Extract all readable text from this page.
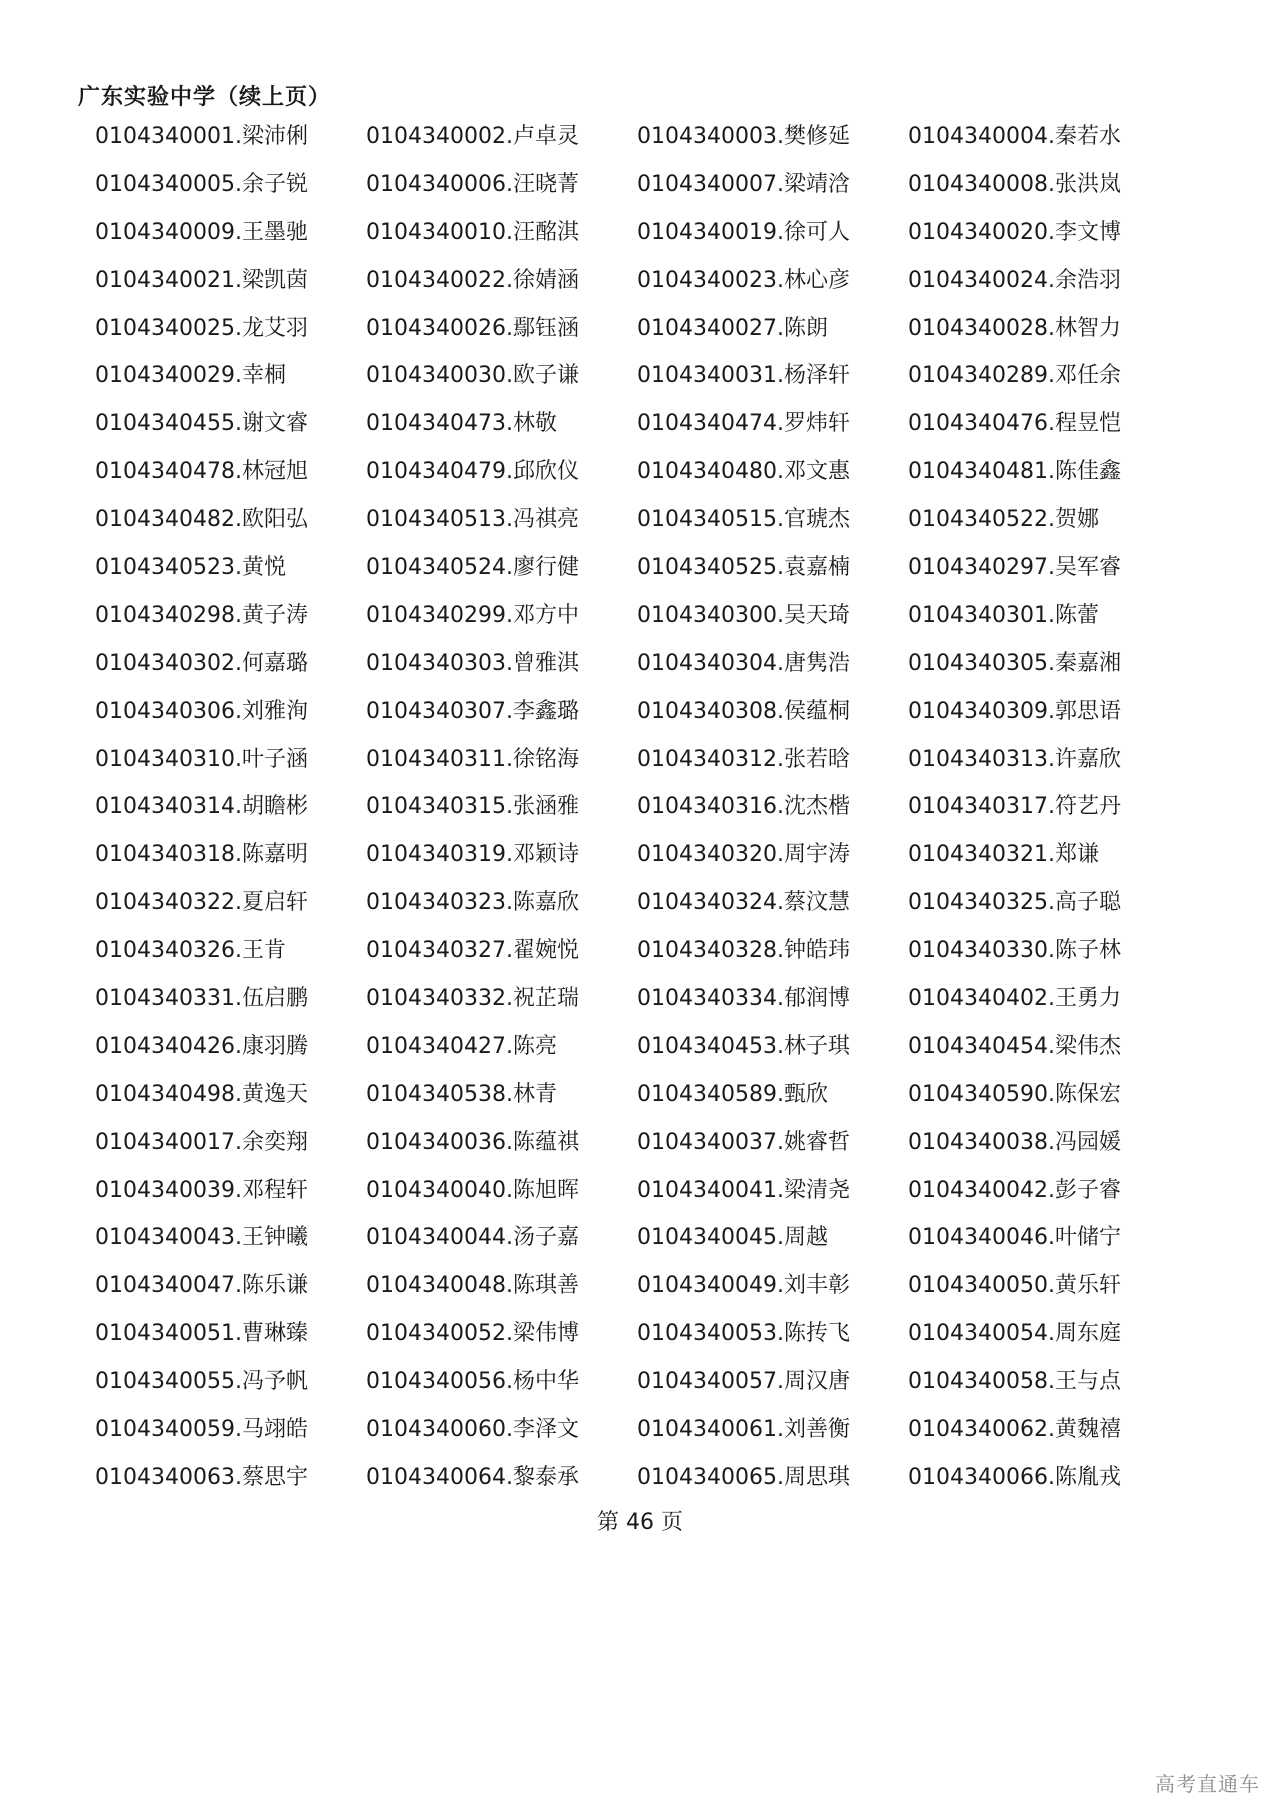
广东实验中学（续上页）
0104340001.梁沛俐	0104340002.卢卓灵	0104340003.樊修延	0104340004.秦若水
0104340005.余子锐	0104340006.汪晓菁	0104340007.梁靖浛	0104340008.张洪岚
0104340009.王墨驰	0104340010.汪酩淇	0104340019.徐可人	0104340020.李文博
0104340021.梁凯茵	0104340022.徐婧涵	0104340023.林心彦	0104340024.余浩羽
0104340025.龙艾羽	0104340026.鄢钰涵	0104340027.陈朗	0104340028.林智力
0104340029.幸桐	0104340030.欧子谦	0104340031.杨泽轩	0104340289.邓任余
0104340455.谢文睿	0104340473.林敬	0104340474.罗炜轩	0104340476.程昱恺
0104340478.林冠旭	0104340479.邱欣仪	0104340480.邓文惠	0104340481.陈佳鑫
0104340482.欧阳弘	0104340513.冯祺亮	0104340515.官琥杰	0104340522.贺娜
0104340523.黄悦	0104340524.廖行健	0104340525.袁嘉楠	0104340297.吴军睿
0104340298.黄子涛	0104340299.邓方中	0104340300.吴天琦	0104340301.陈蕾
0104340302.何嘉璐	0104340303.曾雅淇	0104340304.唐隽浩	0104340305.秦嘉湘
0104340306.刘雅洵	0104340307.李鑫璐	0104340308.侯蕴桐	0104340309.郭思语
0104340310.叶子涵	0104340311.徐铭海	0104340312.张若晗	0104340313.许嘉欣
0104340314.胡瞻彬	0104340315.张涵雅	0104340316.沈杰楷	0104340317.符艺丹
0104340318.陈嘉明	0104340319.邓颖诗	0104340320.周宇涛	0104340321.郑谦
0104340322.夏启轩	0104340323.陈嘉欣	0104340324.蔡汶慧	0104340325.高子聪
0104340326.王肯	0104340327.翟婉悦	0104340328.钟皓玮	0104340330.陈子林
0104340331.伍启鹏	0104340332.祝芷瑞	0104340334.郁润博	0104340402.王勇力
0104340426.康羽腾	0104340427.陈亮	0104340453.林子琪	0104340454.梁伟杰
0104340498.黄逸天	0104340538.林青	0104340589.甄欣	0104340590.陈保宏
0104340017.余奕翔	0104340036.陈蕴祺	0104340037.姚睿哲	0104340038.冯园媛
0104340039.邓程轩	0104340040.陈旭晖	0104340041.梁清尧	0104340042.彭子睿
0104340043.王钟曦	0104340044.汤子嘉	0104340045.周越	0104340046.叶储宁
0104340047.陈乐谦	0104340048.陈琪善	0104340049.刘丰彰	0104340050.黄乐轩
0104340051.曹琳臻	0104340052.梁伟博	0104340053.陈抟飞	0104340054.周东庭
0104340055.冯予帆	0104340056.杨中华	0104340057.周汉唐	0104340058.王与点
0104340059.马翊皓	0104340060.李泽文	0104340061.刘善衡	0104340062.黄魏禧
0104340063.蔡思宇	0104340064.黎泰承	0104340065.周思琪	0104340066.陈胤戎
第 46 页
高考直通车
